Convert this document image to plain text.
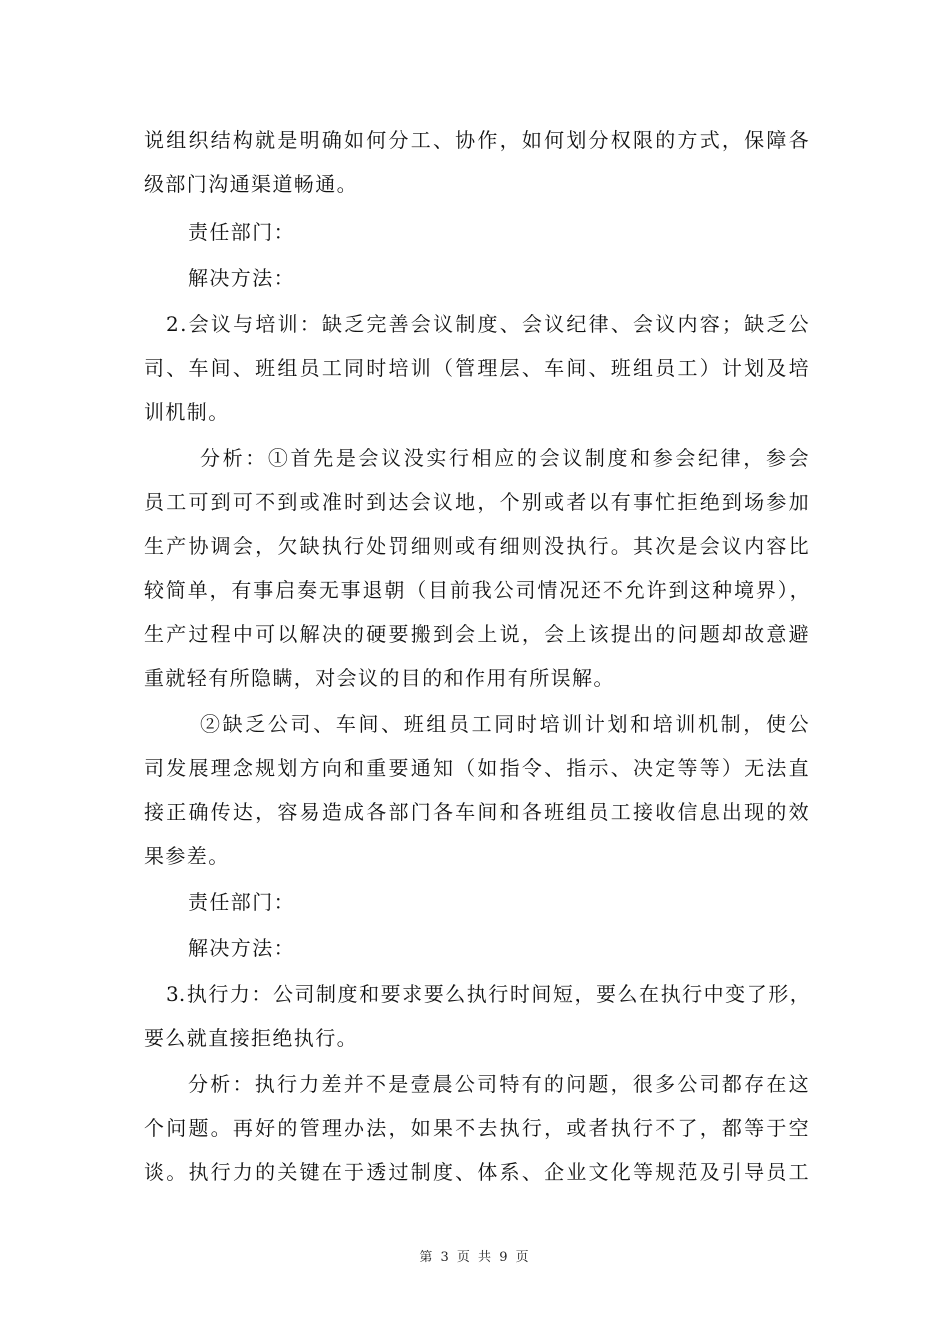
说组织结构就是明确如何分工、协作，如何划分权限的方式，保障各
级部门沟通渠道畅通。
责任部门：
解决方法：
2.会议与培训：缺乏完善会议制度、会议纪律、会议内容；缺乏公
司、车间、班组员工同时培训（管理层、车间、班组员工）计划及培
训机制。
分析：①首先是会议没实行相应的会议制度和参会纪律，参会
员工可到可不到或准时到达会议地，个别或者以有事忙拒绝到场参加
生产协调会，欠缺执行处罚细则或有细则没执行。其次是会议内容比
较简单，有事启奏无事退朝（目前我公司情况还不允许到这种境界），
生产过程中可以解决的硬要搬到会上说，会上该提出的问题却故意避
重就轻有所隐瞒，对会议的目的和作用有所误解。
②缺乏公司、车间、班组员工同时培训计划和培训机制，使公
司发展理念规划方向和重要通知（如指令、指示、决定等等）无法直
接正确传达，容易造成各部门各车间和各班组员工接收信息出现的效
果参差。
责任部门：
解决方法：
3.执行力：公司制度和要求要么执行时间短，要么在执行中变了形，
要么就直接拒绝执行。
分析：执行力差并不是壹晨公司特有的问题，很多公司都存在这
个问题。再好的管理办法，如果不去执行，或者执行不了，都等于空
谈。执行力的关键在于透过制度、体系、企业文化等规范及引导员工
第 3 页 共 9 页
